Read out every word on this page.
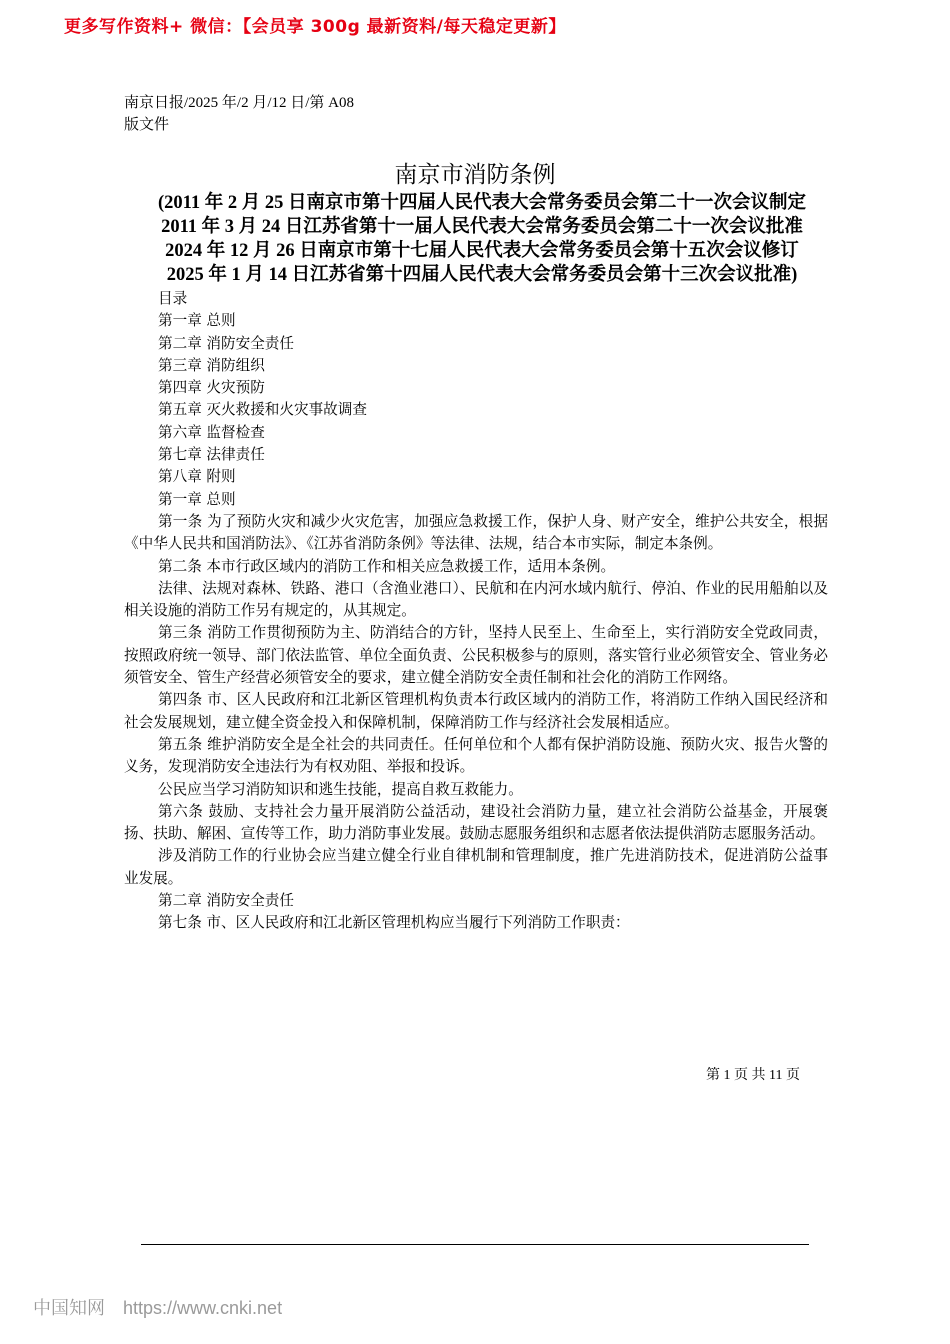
更多写作资料+ 微信：【会员享 300g 最新资料/每天稳定更新】
南京日报/2025 年/2 月/12 日/第 A08
版文件
南京市消防条例
(2011 年 2 月 25 日南京市第十四届人民代表大会常务委员会第二十一次会议制定
2011 年 3 月 24 日江苏省第十一届人民代表大会常务委员会第二十一次会议批准
2024 年 12 月 26 日南京市第十七届人民代表大会常务委员会第十五次会议修订
2025 年 1 月 14 日江苏省第十四届人民代表大会常务委员会第十三次会议批准)

目录

第一章 总则

第二章 消防安全责任

第三章 消防组织

第四章 火灾预防

第五章 灭火救援和火灾事故调查

第六章 监督检查

第七章 法律责任

第八章 附则

第一章 总则

第一条 为了预防火灾和减少火灾危害，加强应急救援工作，保护人身、财产安全，维护公共安全，根据《中华人民共和国消防法》、《江苏省消防条例》等法律、法规，结合本市实际，制定本条例。

第二条 本市行政区域内的消防工作和相关应急救援工作，适用本条例。

法律、法规对森林、铁路、港口（含渔业港口）、民航和在内河水域内航行、停泊、作业的民用船舶以及相关设施的消防工作另有规定的，从其规定。

第三条 消防工作贯彻预防为主、防消结合的方针，坚持人民至上、生命至上，实行消防安全党政同责，按照政府统一领导、部门依法监管、单位全面负责、公民积极参与的原则，落实管行业必须管安全、管业务必须管安全、管生产经营必须管安全的要求，建立健全消防安全责任制和社会化的消防工作网络。

第四条 市、区人民政府和江北新区管理机构负责本行政区域内的消防工作，将消防工作纳入国民经济和社会发展规划，建立健全资金投入和保障机制，保障消防工作与经济社会发展相适应。

第五条 维护消防安全是全社会的共同责任。任何单位和个人都有保护消防设施、预防火灾、报告火警的义务，发现消防安全违法行为有权劝阻、举报和投诉。

公民应当学习消防知识和逃生技能，提高自救互救能力。

第六条 鼓励、支持社会力量开展消防公益活动，建设社会消防力量，建立社会消防公益基金，开展褒扬、扶助、解困、宣传等工作，助力消防事业发展。鼓励志愿服务组织和志愿者依法提供消防志愿服务活动。

涉及消防工作的行业协会应当建立健全行业自律机制和管理制度，推广先进消防技术，促进消防公益事业发展。

第二章 消防安全责任

第七条 市、区人民政府和江北新区管理机构应当履行下列消防工作职责：

第 1 页 共 11 页
中国知网 https://www.cnki.net
